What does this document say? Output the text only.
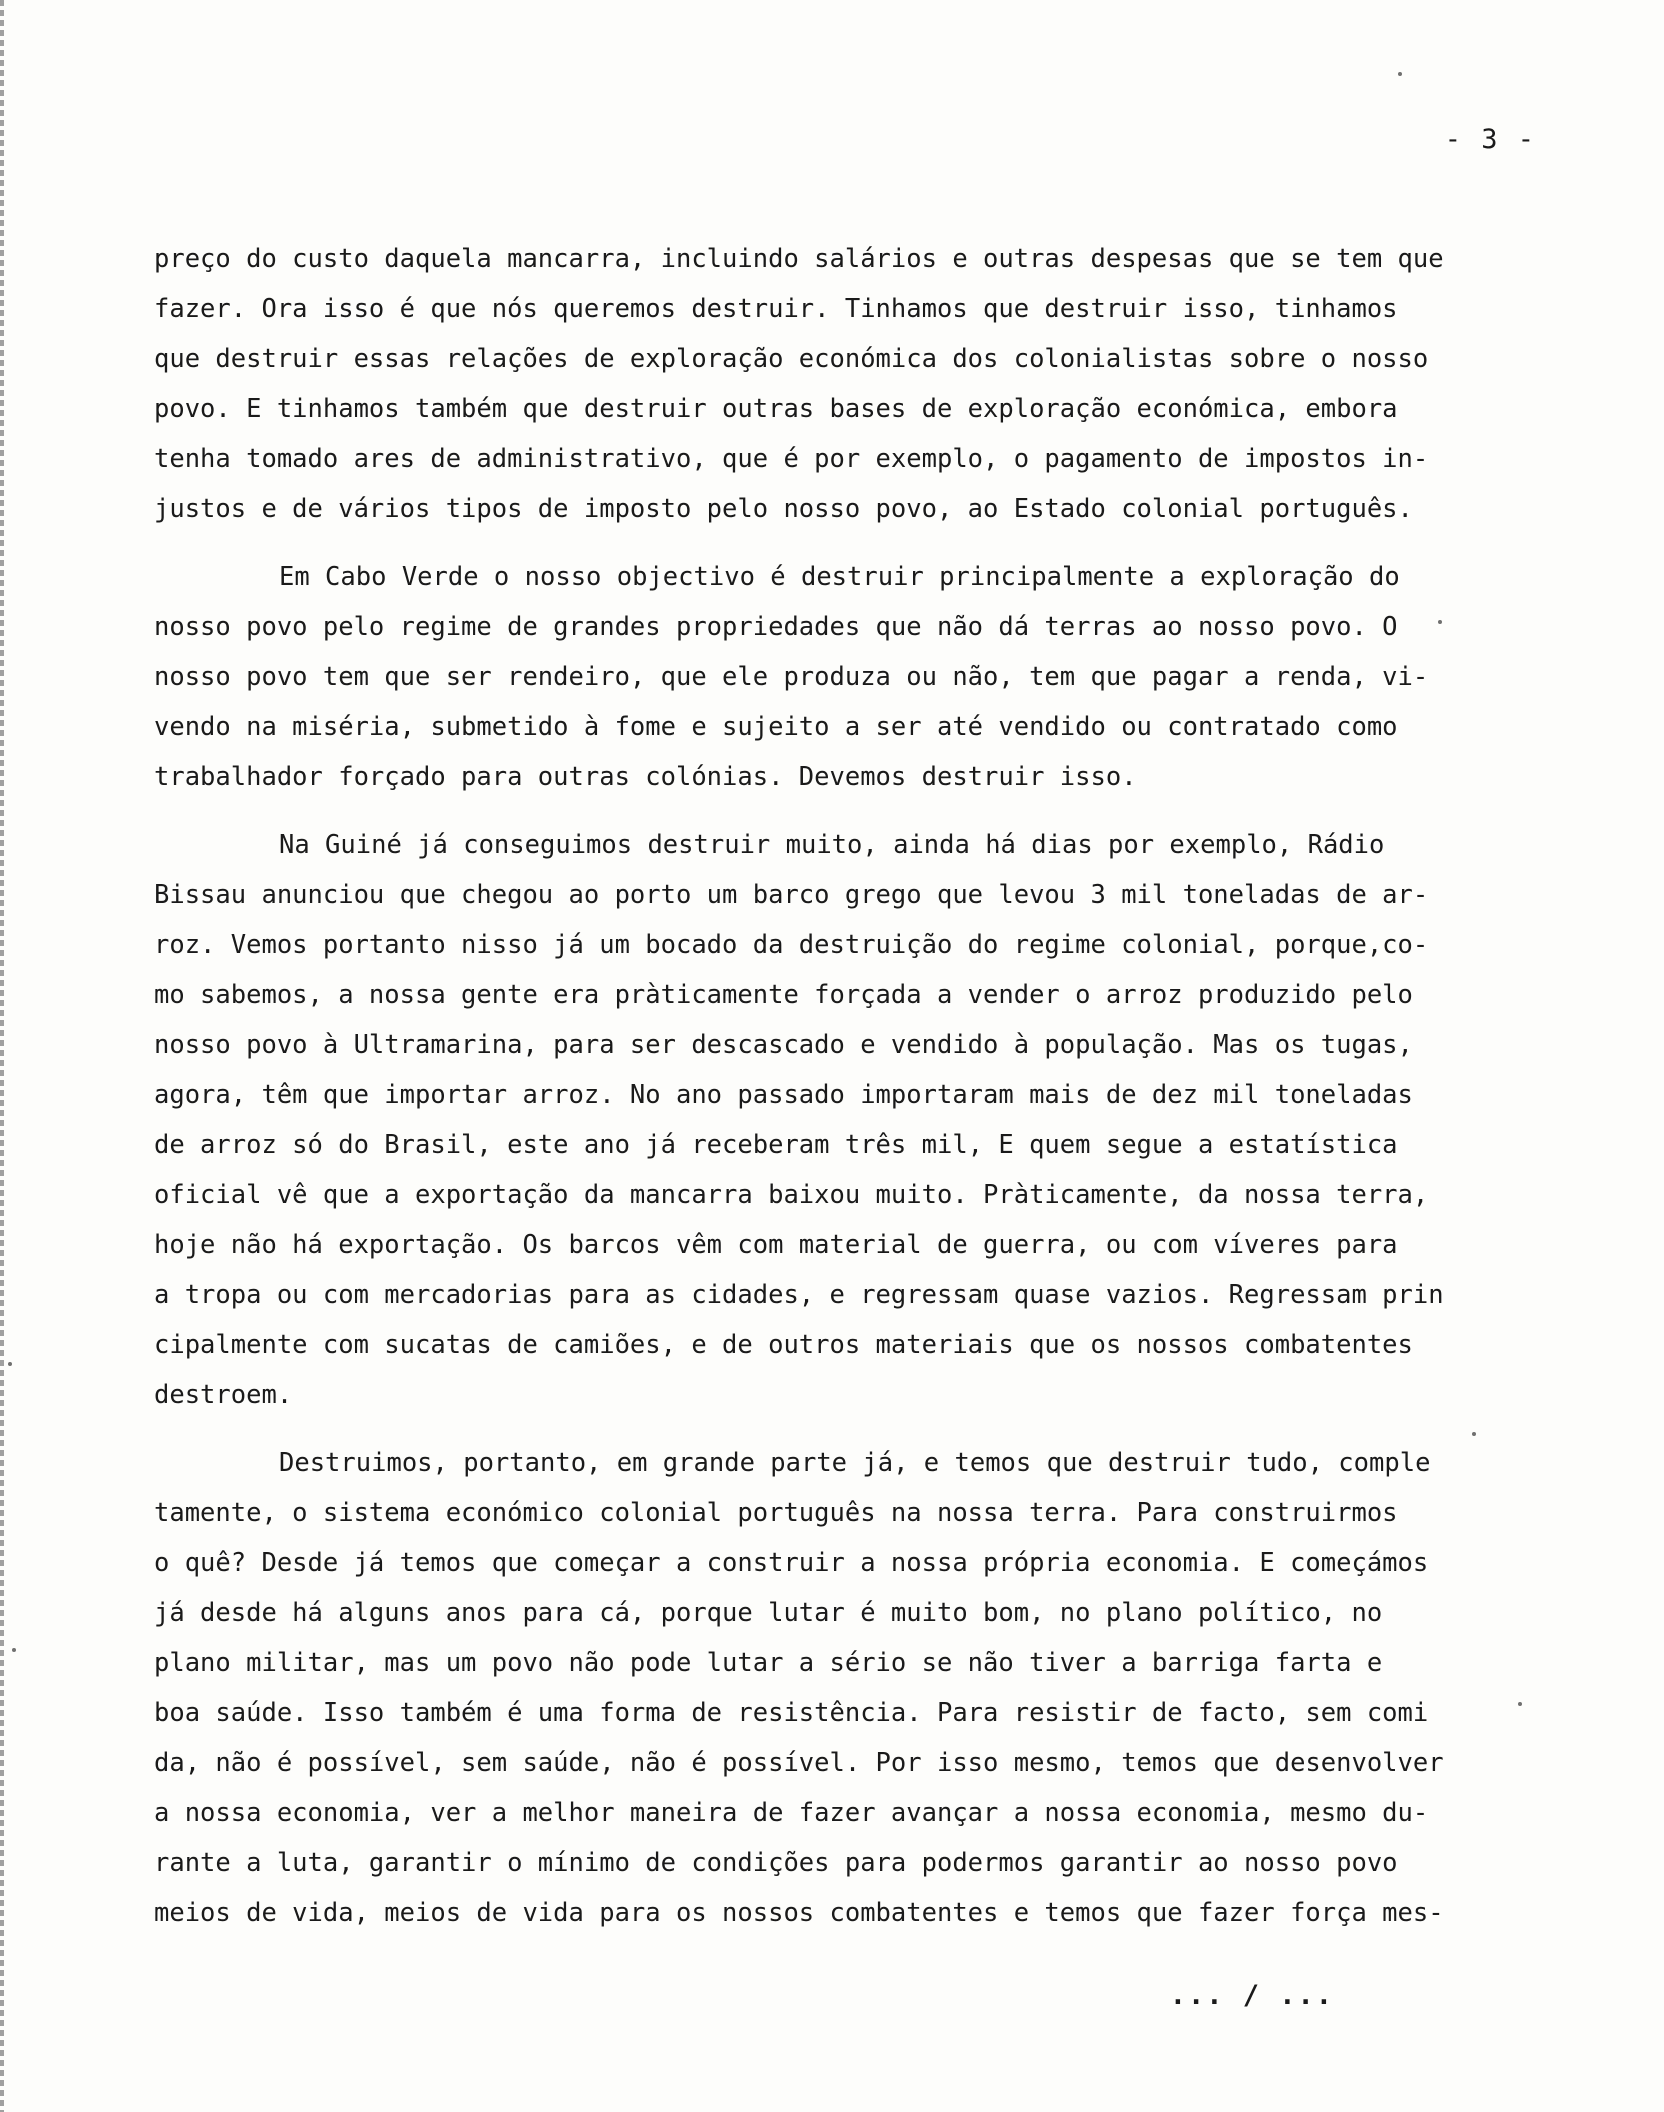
- 3 -
preço do custo daquela mancarra, incluindo salários e outras despesas que se tem que
fazer. Ora isso é que nós queremos destruir. Tinhamos que destruir isso, tinhamos
que destruir essas relações de exploração económica dos colonialistas sobre o nosso
povo. E tinhamos também que destruir outras bases de exploração económica, embora
tenha tomado ares de administrativo, que é por exemplo, o pagamento de impostos in-
justos e de vários tipos de imposto pelo nosso povo, ao Estado colonial português.
Em Cabo Verde o nosso objectivo é destruir principalmente a exploração do
nosso povo pelo regime de grandes propriedades que não dá terras ao nosso povo. O
nosso povo tem que ser rendeiro, que ele produza ou não, tem que pagar a renda, vi-
vendo na miséria, submetido à fome e sujeito a ser até vendido ou contratado como
trabalhador forçado para outras colónias. Devemos destruir isso.
Na Guiné já conseguimos destruir muito, ainda há dias por exemplo, Rádio
Bissau anunciou que chegou ao porto um barco grego que levou 3 mil toneladas de ar-
roz. Vemos portanto nisso já um bocado da destruição do regime colonial, porque,co-
mo sabemos, a nossa gente era pràticamente forçada a vender o arroz produzido pelo
nosso povo à Ultramarina, para ser descascado e vendido à população. Mas os tugas,
agora, têm que importar arroz. No ano passado importaram mais de dez mil toneladas
de arroz só do Brasil, este ano já receberam três mil, E quem segue a estatística
oficial vê que a exportação da mancarra baixou muito. Pràticamente, da nossa terra,
hoje não há exportação. Os barcos vêm com material de guerra, ou com víveres para
a tropa ou com mercadorias para as cidades, e regressam quase vazios. Regressam prin
cipalmente com sucatas de camiões, e de outros materiais que os nossos combatentes
destroem.
Destruimos, portanto, em grande parte já, e temos que destruir tudo, comple
tamente, o sistema económico colonial português na nossa terra. Para construirmos
o quê? Desde já temos que começar a construir a nossa própria economia. E começámos
já desde há alguns anos para cá, porque lutar é muito bom, no plano político, no
plano militar, mas um povo não pode lutar a sério se não tiver a barriga farta e
boa saúde. Isso também é uma forma de resistência. Para resistir de facto, sem comi
da, não é possível, sem saúde, não é possível. Por isso mesmo, temos que desenvolver
a nossa economia, ver a melhor maneira de fazer avançar a nossa economia, mesmo du-
rante a luta, garantir o mínimo de condições para podermos garantir ao nosso povo
meios de vida, meios de vida para os nossos combatentes e temos que fazer força mes-
... / ...
